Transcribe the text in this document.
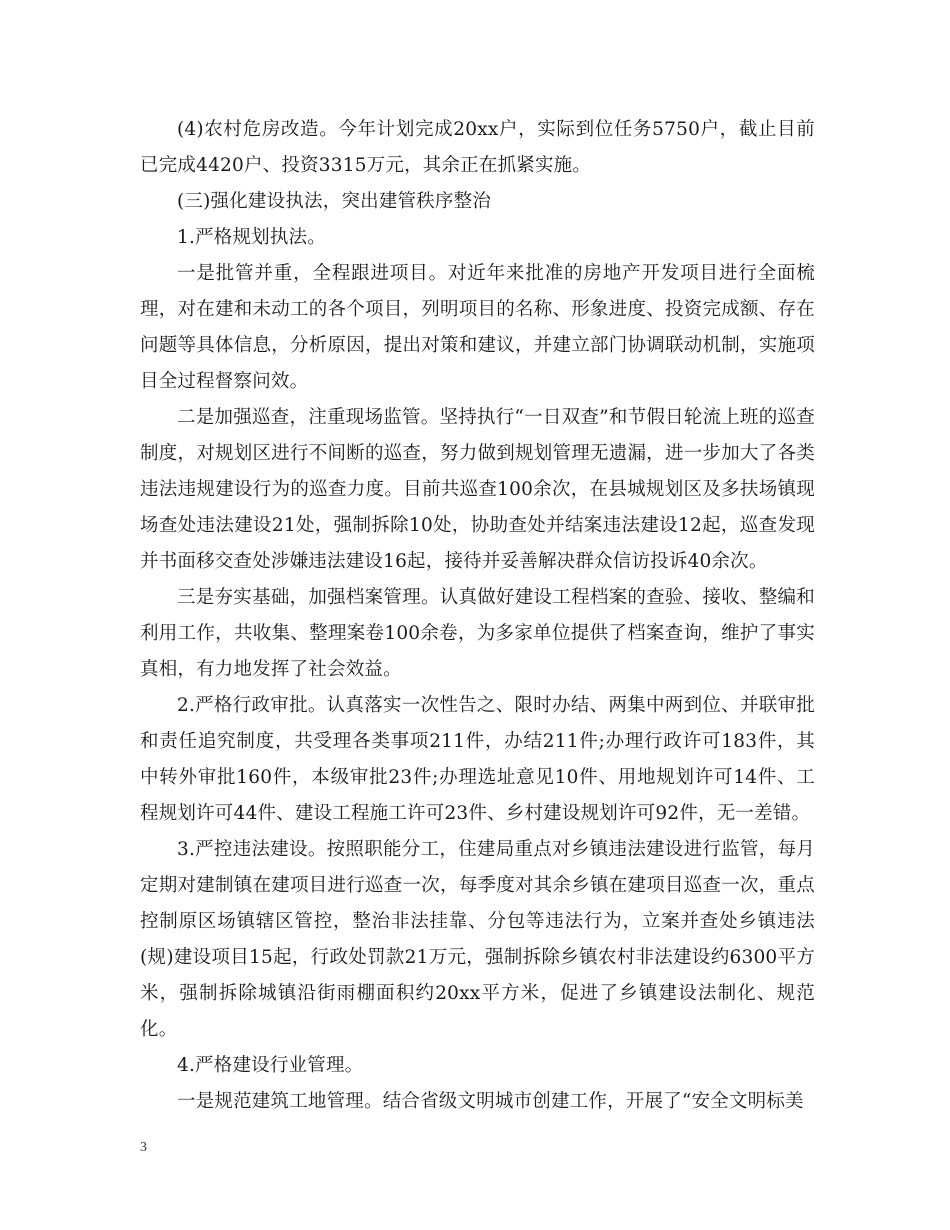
(4)农村危房改造。今年计划完成20xx户，实际到位任务5750户，截止目前已完成4420户、投资3315万元，其余正在抓紧实施。

(三)强化建设执法，突出建管秩序整治

1.严格规划执法。

一是批管并重，全程跟进项目。对近年来批准的房地产开发项目进行全面梳理，对在建和未动工的各个项目，列明项目的名称、形象进度、投资完成额、存在问题等具体信息，分析原因，提出对策和建议，并建立部门协调联动机制，实施项目全过程督察问效。

二是加强巡查，注重现场监管。坚持执行“一日双查”和节假日轮流上班的巡查制度，对规划区进行不间断的巡查，努力做到规划管理无遗漏，进一步加大了各类违法违规建设行为的巡查力度。目前共巡查100余次，在县城规划区及多扶场镇现场查处违法建设21处，强制拆除10处，协助查处并结案违法建设12起，巡查发现并书面移交查处涉嫌违法建设16起，接待并妥善解决群众信访投诉40余次。

三是夯实基础，加强档案管理。认真做好建设工程档案的查验、接收、整编和利用工作，共收集、整理案卷100余卷，为多家单位提供了档案查询，维护了事实真相，有力地发挥了社会效益。

2.严格行政审批。认真落实一次性告之、限时办结、两集中两到位、并联审批和责任追究制度，共受理各类事项211件，办结211件;办理行政许可183件，其中转外审批160件，本级审批23件;办理选址意见10件、用地规划许可14件、工程规划许可44件、建设工程施工许可23件、乡村建设规划许可92件，无一差错。

3.严控违法建设。按照职能分工，住建局重点对乡镇违法建设进行监管，每月定期对建制镇在建项目进行巡查一次，每季度对其余乡镇在建项目巡查一次，重点控制原区场镇辖区管控，整治非法挂靠、分包等违法行为，立案并查处乡镇违法(规)建设项目15起，行政处罚款21万元，强制拆除乡镇农村非法建设约6300平方米，强制拆除城镇沿街雨棚面积约20xx平方米，促进了乡镇建设法制化、规范化。

4.严格建设行业管理。

一是规范建筑工地管理。结合省级文明城市创建工作，开展了“安全文明标美

3
